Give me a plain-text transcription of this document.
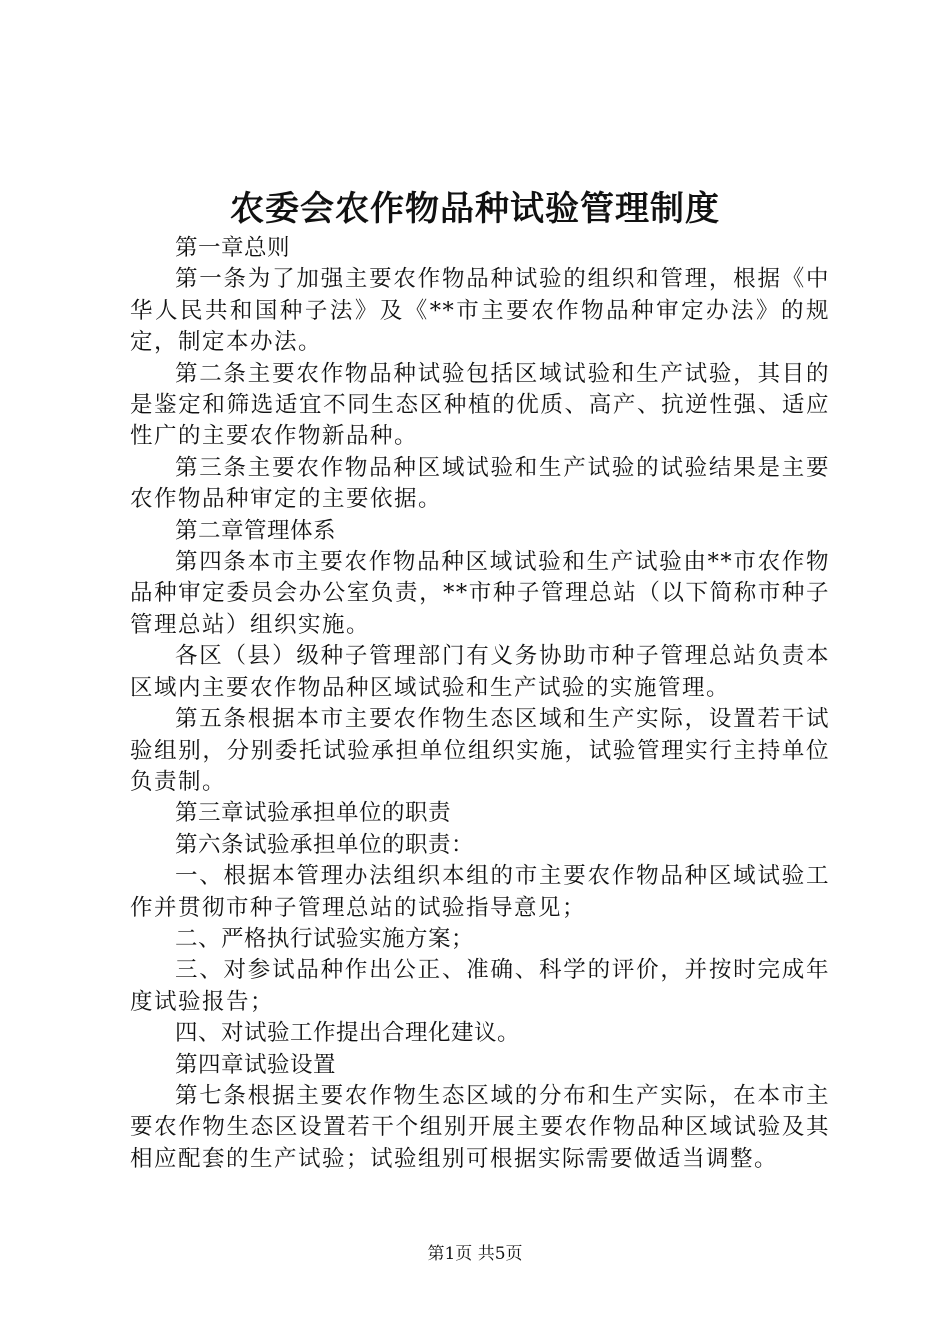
农委会农作物品种试验管理制度

第一章总则

第一条为了加强主要农作物品种试验的组织和管理，根据《中华人民共和国种子法》及《**市主要农作物品种审定办法》的规定，制定本办法。

第二条主要农作物品种试验包括区域试验和生产试验，其目的是鉴定和筛选适宜不同生态区种植的优质、高产、抗逆性强、适应性广的主要农作物新品种。

第三条主要农作物品种区域试验和生产试验的试验结果是主要农作物品种审定的主要依据。

第二章管理体系

第四条本市主要农作物品种区域试验和生产试验由**市农作物品种审定委员会办公室负责，**市种子管理总站（以下简称市种子管理总站）组织实施。

各区（县）级种子管理部门有义务协助市种子管理总站负责本区域内主要农作物品种区域试验和生产试验的实施管理。

第五条根据本市主要农作物生态区域和生产实际，设置若干试验组别，分别委托试验承担单位组织实施，试验管理实行主持单位负责制。

第三章试验承担单位的职责

第六条试验承担单位的职责：

一、根据本管理办法组织本组的市主要农作物品种区域试验工作并贯彻市种子管理总站的试验指导意见；

二、严格执行试验实施方案；

三、对参试品种作出公正、准确、科学的评价，并按时完成年度试验报告；

四、对试验工作提出合理化建议。

第四章试验设置

第七条根据主要农作物生态区域的分布和生产实际，在本市主要农作物生态区设置若干个组别开展主要农作物品种区域试验及其相应配套的生产试验；试验组别可根据实际需要做适当调整。

第1页 共5页
